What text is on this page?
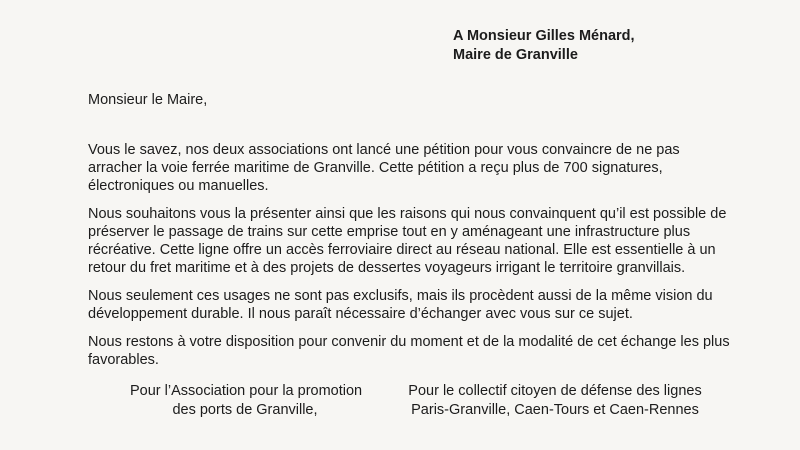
A Monsieur Gilles Ménard,
Maire de Granville
Monsieur le Maire,
Vous le savez, nos deux associations ont lancé une pétition pour vous convaincre de ne pas
arracher la voie ferrée maritime de Granville. Cette pétition a reçu plus de 700 signatures,
électroniques ou manuelles.
Nous souhaitons vous la présenter ainsi que les raisons qui nous convainquent qu’il est possible de
préserver le passage de trains sur cette emprise tout en y aménageant une infrastructure plus
récréative. Cette ligne offre un accès ferroviaire direct au réseau national. Elle est essentielle à un
retour du fret maritime et à des projets de dessertes voyageurs irrigant le territoire granvillais.
Nous seulement ces usages ne sont pas exclusifs, mais ils procèdent aussi de la même vision du
développement durable. Il nous paraît nécessaire d’échanger avec vous sur ce sujet.
Nous restons à votre disposition pour convenir du moment et de la modalité de cet échange les plus
favorables.
Pour l’Association pour la promotion
des ports de Granville,
Pour le collectif citoyen de défense des lignes
Paris-Granville, Caen-Tours et Caen-Rennes
